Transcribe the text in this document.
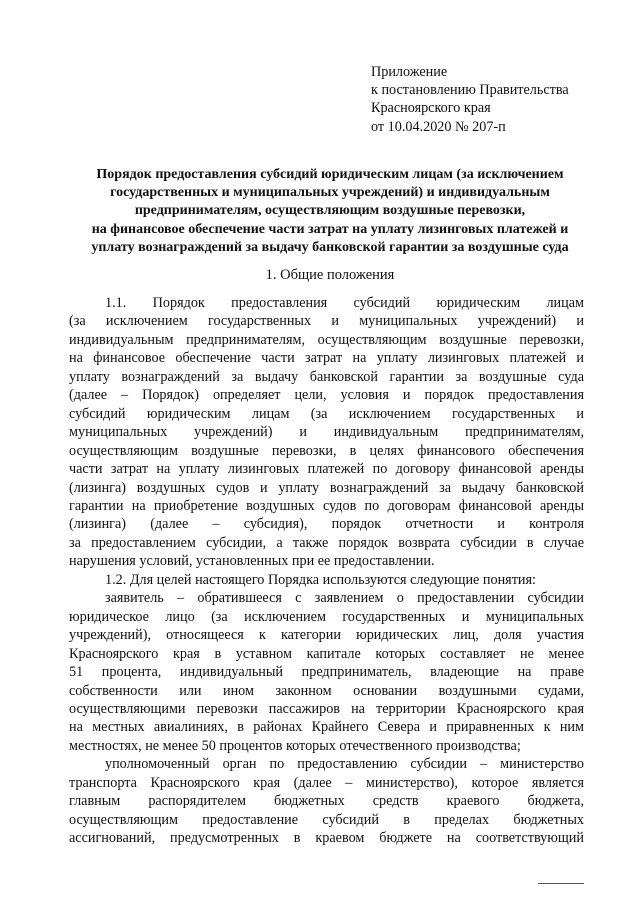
Приложение
к постановлению Правительства
Красноярского края
от 10.04.2020 № 207-п
Порядок предоставления субсидий юридическим лицам (за исключением
государственных и муниципальных учреждений) и индивидуальным
предпринимателям, осуществляющим воздушные перевозки,
на финансовое обеспечение части затрат на уплату лизинговых платежей и
уплату вознаграждений за выдачу банковской гарантии за воздушные суда
1. Общие положения
1.1. Порядок предоставления субсидий юридическим лицам
(за исключением государственных и муниципальных учреждений) и
индивидуальным предпринимателям, осуществляющим воздушные перевозки,
на финансовое обеспечение части затрат на уплату лизинговых платежей и
уплату вознаграждений за выдачу банковской гарантии за воздушные суда
(далее – Порядок) определяет цели, условия и порядок предоставления
субсидий юридическим лицам (за исключением государственных и
муниципальных учреждений) и индивидуальным предпринимателям,
осуществляющим воздушные перевозки, в целях финансового обеспечения
части затрат на уплату лизинговых платежей по договору финансовой аренды
(лизинга) воздушных судов и уплату вознаграждений за выдачу банковской
гарантии на приобретение воздушных судов по договорам финансовой аренды
(лизинга) (далее – субсидия), порядок отчетности и контроля
за предоставлением субсидии, а также порядок возврата субсидии в случае
нарушения условий, установленных при ее предоставлении.
1.2. Для целей настоящего Порядка используются следующие понятия:
заявитель – обратившееся с заявлением о предоставлении субсидии
юридическое лицо (за исключением государственных и муниципальных
учреждений), относящееся к категории юридических лиц, доля участия
Красноярского края в уставном капитале которых составляет не менее
51 процента, индивидуальный предприниматель, владеющие на праве
собственности или ином законном основании воздушными судами,
осуществляющими перевозки пассажиров на территории Красноярского края
на местных авиалиниях, в районах Крайнего Севера и приравненных к ним
местностях, не менее 50 процентов которых отечественного производства;
уполномоченный орган по предоставлению субсидии – министерство
транспорта Красноярского края (далее – министерство), которое является
главным распорядителем бюджетных средств краевого бюджета,
осуществляющим предоставление субсидий в пределах бюджетных
ассигнований, предусмотренных в краевом бюджете на соответствующий
